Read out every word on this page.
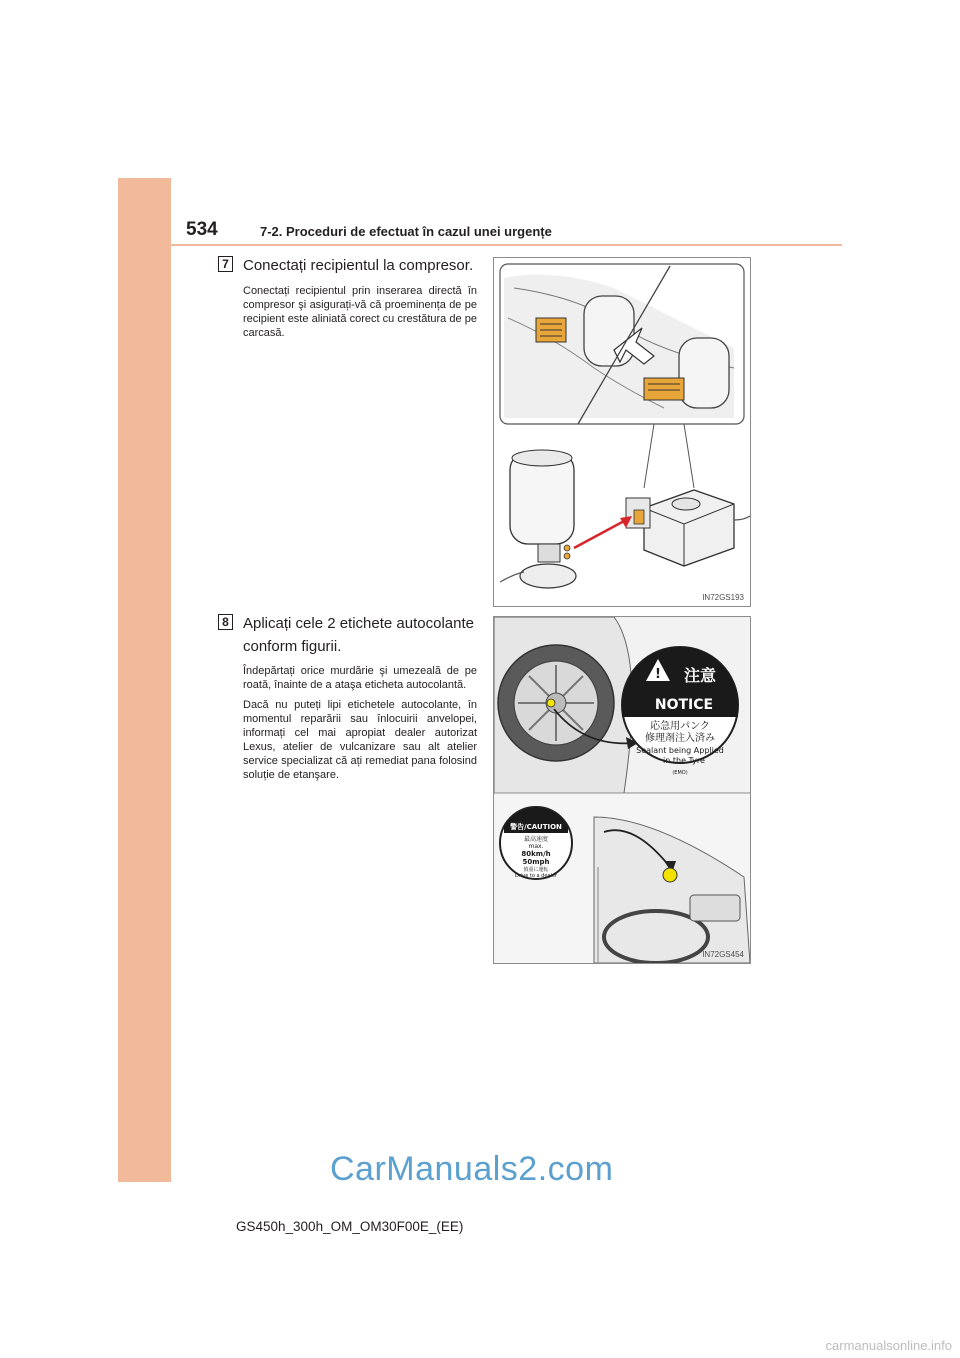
534	7-2. Proceduri de efectuat în cazul unei urgențe
7 Conectați recipientul la compresor.

Conectați recipientul prin inserarea directă în compresor şi asigurați-vă că proeminența de pe recipient este aliniată corect cu crestătura de pe carcasă.

IN72GS193
8 Aplicați cele 2 etichete autocolante conform figurii.

Îndepărtați orice murdărie şi umezeală de pe roată, înainte de a ataşa eticheta autocolantă.

Dacă nu puteți lipi etichetele autocolante, în momentul reparării sau înlocuirii anvelopei, informați cel mai apropiat dealer autorizat Lexus, atelier de vulcanizare sau alt atelier service specializat că ați remediat pana folosind soluție de etanşare.

! 注意
NOTICE
応急用パンク
修理剤注入済み
Sealant being Applied
in the Tyre
(EMO)
警告/CAUTION
最高速度
max.
80km/h
50mph
慎重に運転
Drive to a dealer
IN72GS454
CarManuals2.com
GS450h_300h_OM_OM30F00E_(EE)
carmanualsonline.info
